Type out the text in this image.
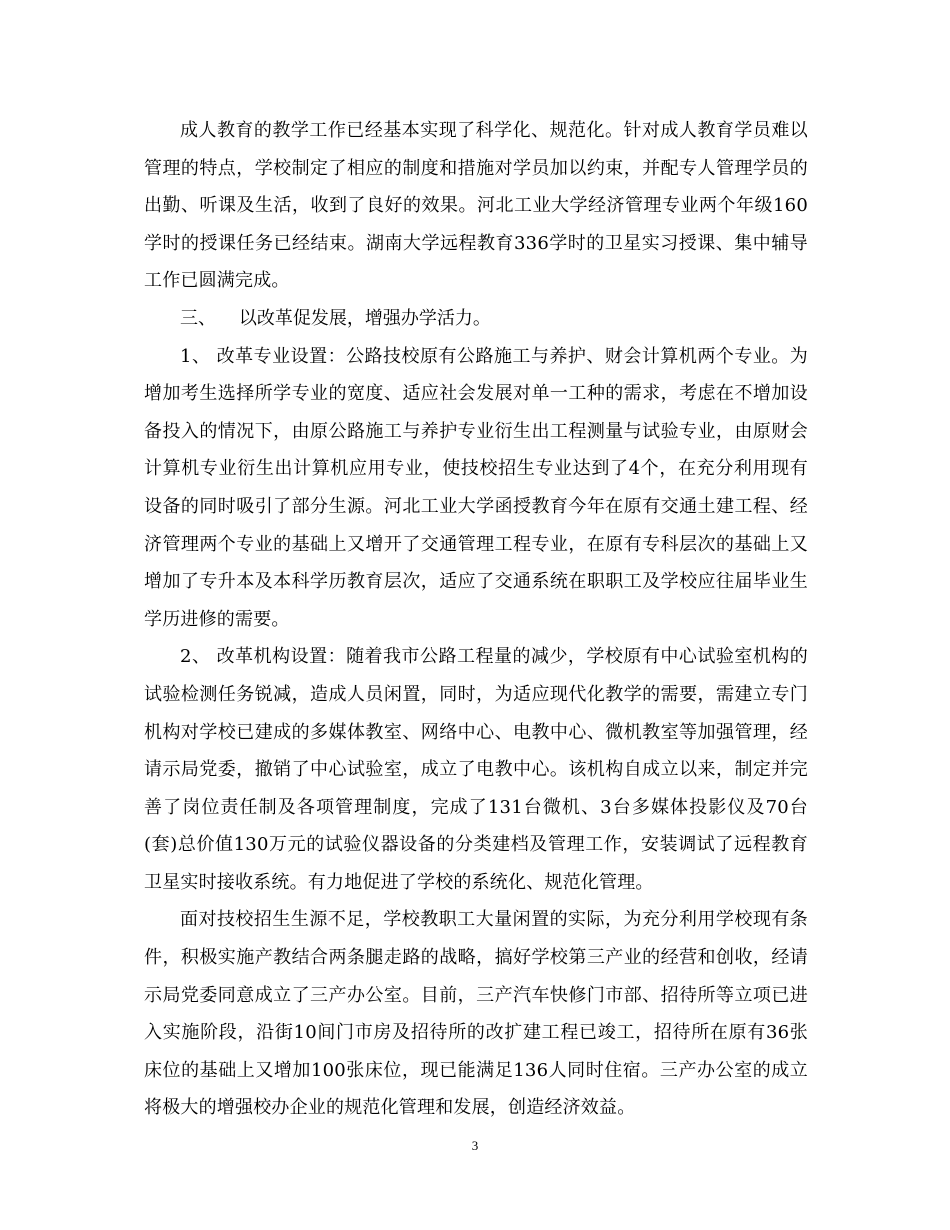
成人教育的教学工作已经基本实现了科学化、规范化。针对成人教育学员难以管理的特点，学校制定了相应的制度和措施对学员加以约束，并配专人管理学员的出勤、听课及生活，收到了良好的效果。河北工业大学经济管理专业两个年级160学时的授课任务已经结束。湖南大学远程教育336学时的卫星实习授课、集中辅导工作已圆满完成。

三、    以改革促发展，增强办学活力。

1、 改革专业设置：公路技校原有公路施工与养护、财会计算机两个专业。为增加考生选择所学专业的宽度、适应社会发展对单一工种的需求，考虑在不增加设备投入的情况下，由原公路施工与养护专业衍生出工程测量与试验专业，由原财会计算机专业衍生出计算机应用专业，使技校招生专业达到了4个，在充分利用现有设备的同时吸引了部分生源。河北工业大学函授教育今年在原有交通土建工程、经济管理两个专业的基础上又增开了交通管理工程专业，在原有专科层次的基础上又增加了专升本及本科学历教育层次，适应了交通系统在职职工及学校应往届毕业生学历进修的需要。

2、 改革机构设置：随着我市公路工程量的减少，学校原有中心试验室机构的试验检测任务锐减，造成人员闲置，同时，为适应现代化教学的需要，需建立专门机构对学校已建成的多媒体教室、网络中心、电教中心、微机教室等加强管理，经请示局党委，撤销了中心试验室，成立了电教中心。该机构自成立以来，制定并完善了岗位责任制及各项管理制度，完成了131台微机、3台多媒体投影仪及70台(套)总价值130万元的试验仪器设备的分类建档及管理工作，安装调试了远程教育卫星实时接收系统。有力地促进了学校的系统化、规范化管理。

面对技校招生生源不足，学校教职工大量闲置的实际，为充分利用学校现有条件，积极实施产教结合两条腿走路的战略，搞好学校第三产业的经营和创收，经请示局党委同意成立了三产办公室。目前，三产汽车快修门市部、招待所等立项已进入实施阶段，沿街10间门市房及招待所的改扩建工程已竣工，招待所在原有36张床位的基础上又增加100张床位，现已能满足136人同时住宿。三产办公室的成立将极大的增强校办企业的规范化管理和发展，创造经济效益。

3
